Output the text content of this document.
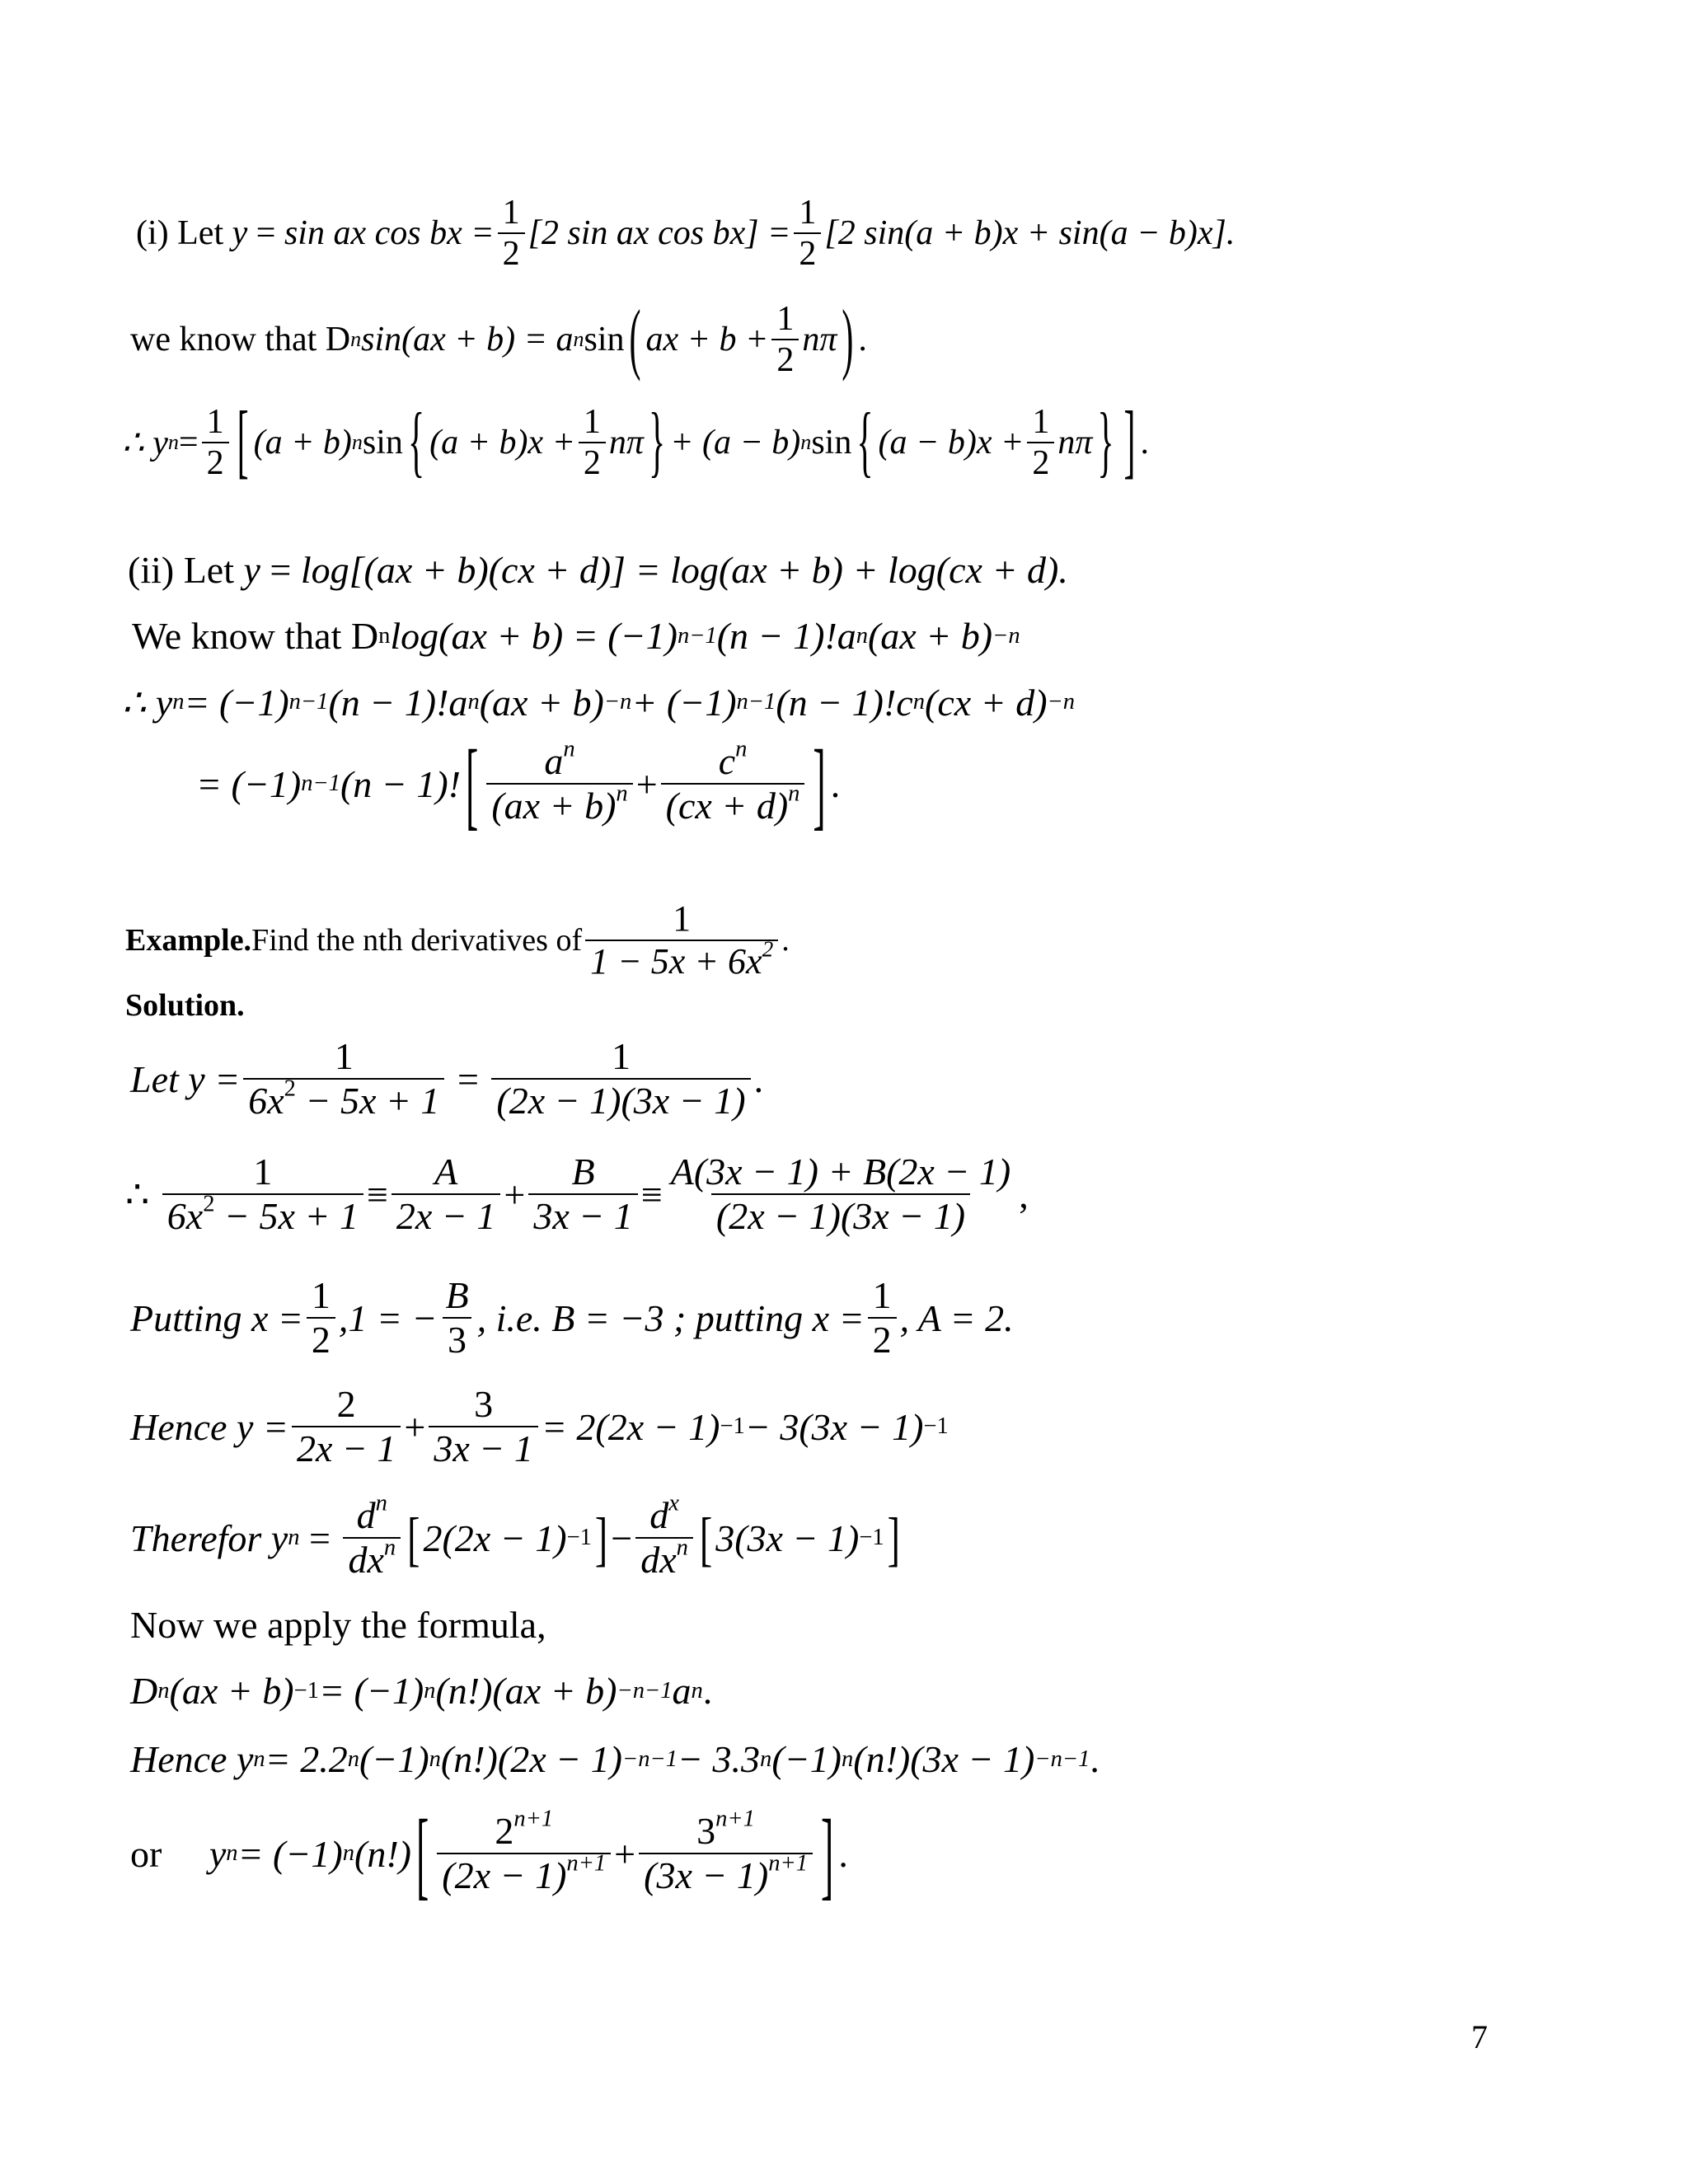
(i) Let
y = sin ax cos bx = $\frac{1}{2} [2$ sin ax $\cos bx] = \frac{1}{2} [2$ sin(a + b)x + sin(a − b)x].
we know that D n sin(ax + b) = a n sin ( ax + $b + \frac{1}{2}$ nπ ) .
∴ y $n = \frac{1}{2}$ [ (a + b) n sin { $(a + b)x + \frac{1}{2}$ nπ } + (a − b) n sin { $(a - b)x + \frac{1}{2}$ nπ } ] .
(ii) Let
y = log[(ax + b)(cx + d)] = log(ax + b) + log(cx + d).
We know that D n log(ax + b) = (−1) n−1 (n − 1)!a n (ax + b) −n
∴ y n = (−1) n−1 (n − 1)!a n (ax + b) −n + (−1) n−1 (n − 1)!c n (cx + d) −n
= (−1) n−1 (n − 1)! [ $\frac{a^n}{(ax + b)^n} + \frac{c^n}{(cx + d)^n}$ ] .
Example. Find the nth derivatives of $\frac{1}{1 - 5x + 6x^2}$ .
Solution.
Let $y = \frac{1}{6x^2 - 5x + 1} = \frac{1}{(2x - 1)(3x - 1)}$ .
∴
$\frac{1}{6x^2 - 5x + 1} \equiv \frac{A}{2x - 1} + \frac{B}{3x - 1} \equiv \frac{A(3x - 1) + B(2x - 1)}{(2x - 1)(3x - 1)}$ ,
Putting $x = \frac{1}{2} ,1$ = − $\frac{B}{3}$ , i.e. B = −3 ; putting $x = \frac{1}{2}$ , A = 2.
Hence $y = \frac{2}{2x - 1} + \frac{3}{3x - 1} = 2(2x - 1) -1 - 3(3x - 1) -1$
Therefor y $n = \frac{d^n}{dx^n}$ [ 2(2x − 1) −1 ] − $\frac{d^x}{dx^n}$ [ 3(3x − 1) −1 ]
Now we apply the formula,
D n (ax + b) −1 = (−1) n (n!)(ax + b) −n−1 a n .
Hence y n = 2.2 n (−1) n (n!)(2x − 1) −n−1 − 3.3 n (−1) n (n!)(3x − 1) −n−1 .
or
y n = (−1) n (n!) [ $\frac{2^{n+1}}{(2x - 1)^{n+1}} + \frac{3^{n+1}}{(3x - 1)^{n+1}}$ ] .
7
